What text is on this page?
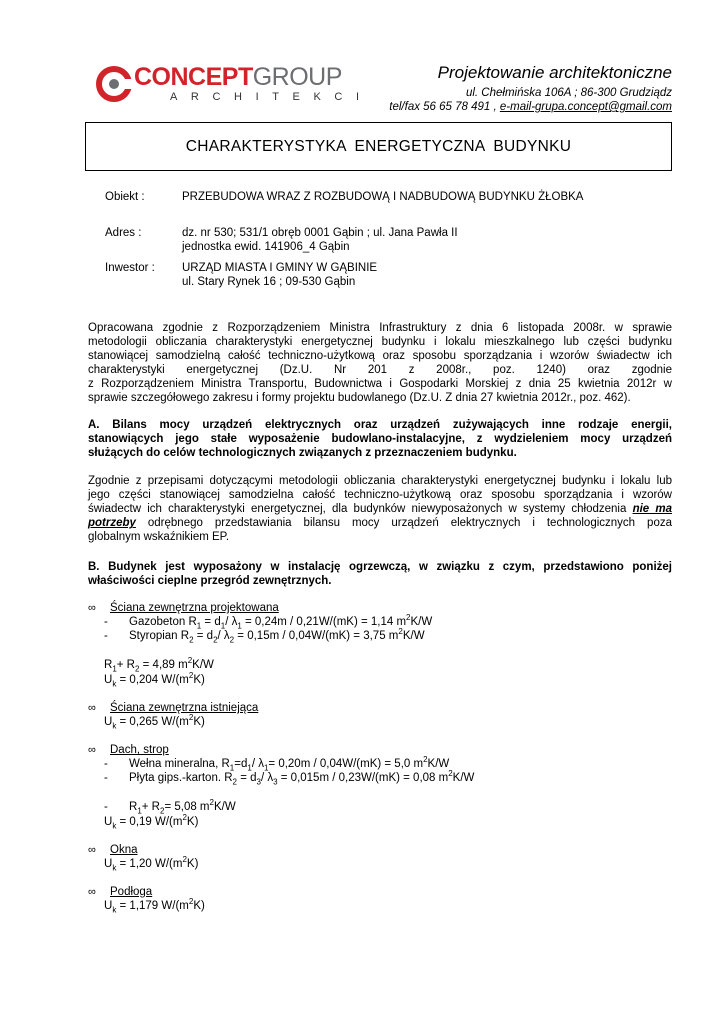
CONCEPTGROUP
ARCHITEKCI
Projektowanie architektoniczne
ul. Chełmińska 106A ; 86-300 Grudziądz
tel/fax 56 65 78 491 , e-mail-grupa.concept@gmail.com
CHARAKTERYSTYKA ENERGETYCZNA BUDYNKU
Obiekt :	PRZEBUDOWA WRAZ Z ROZBUDOWĄ I NADBUDOWĄ BUDYNKU ŻŁOBKA
Adres :	dz. nr 530; 531/1 obręb 0001 Gąbin ; ul. Jana Pawła II
jednostka ewid. 141906_4 Gąbin
Inwestor : URZĄD MIASTA I GMINY W GĄBINIE
ul. Stary Rynek 16 ; 09-530 Gąbin

Opracowana zgodnie z Rozporządzeniem Ministra Infrastruktury z dnia 6 listopada 2008r. w sprawie

metodologii obliczania charakterystyki energetycznej budynku i lokalu mieszkalnego lub części budynku

stanowiącej samodzielną całość techniczno-użytkową oraz sposobu sporządzania i wzorów świadectw ich

charakterystyki energetycznej (Dz.U. Nr 201 z 2008r., poz. 1240) oraz zgodnie

z Rozporządzeniem Ministra Transportu, Budownictwa i Gospodarki Morskiej z dnia 25 kwietnia 2012r w

sprawie szczegółowego zakresu i formy projektu budowlanego (Dz.U. Z dnia 27 kwietnia 2012r., poz. 462).

A. Bilans mocy urządzeń elektrycznych oraz urządzeń zużywających inne rodzaje energii,

stanowiących jego stałe wyposażenie budowlano-instalacyjne, z wydzieleniem mocy urządzeń

służących do celów technologicznych związanych z przeznaczeniem budynku.

Zgodnie z przepisami dotyczącymi metodologii obliczania charakterystyki energetycznej budynku i lokalu lub

jego części stanowiącej samodzielna całość techniczno-użytkową oraz sposobu sporządzania i wzorów

świadectw ich charakterystyki energetycznej, dla budynków niewyposażonych w systemy chłodzenia nie ma

potrzeby odrębnego przedstawiania bilansu mocy urządzeń elektrycznych i technologicznych poza

globalnym wskaźnikiem EP.

B. Budynek jest wyposażony w instalację ogrzewczą, w związku z czym, przedstawiono poniżej

właściwości cieplne przegród zewnętrznych.

∞ Ściana zewnętrzna projektowana
- Gazobeton $R_1 = d_1/$ $\lambda_1 = 0,24m / 0,21W/(mK) = 1,14$ $m^2K/W$
- Styropian $R_2 = d_2/$ $\lambda_2 = 0,15m / 0,04W/(mK) = 3,75$ $m^2K/W$
$R_1+ R_2 = 4,89$ $m^2K/W$
$U_k = 0,204$ $W/(m^2K)$
∞ Ściana zewnętrzna istniejąca
$U_k = 0,265$ $W/(m^2K)$
∞ Dach, strop
- Wełna mineralna, $R_1=d_1/$ $\lambda_1= 0,20m / 0,04W/(mK) = 5,0$ $m^2K/W$
- Płyta gips.-karton. $R_2 = d_3/$ $\lambda_3 = 0,015m / 0,23W/(mK) = 0,08$ $m^2K/W$
- $R_1+ R_2= 5,08$ $m^2K/W$
$U_k = 0,19$ $W/(m^2K)$
∞ Okna
$U_k = 1,20$ $W/(m^2K)$
∞ Podłoga
$U_k = 1,179$ $W/(m^2K)$
